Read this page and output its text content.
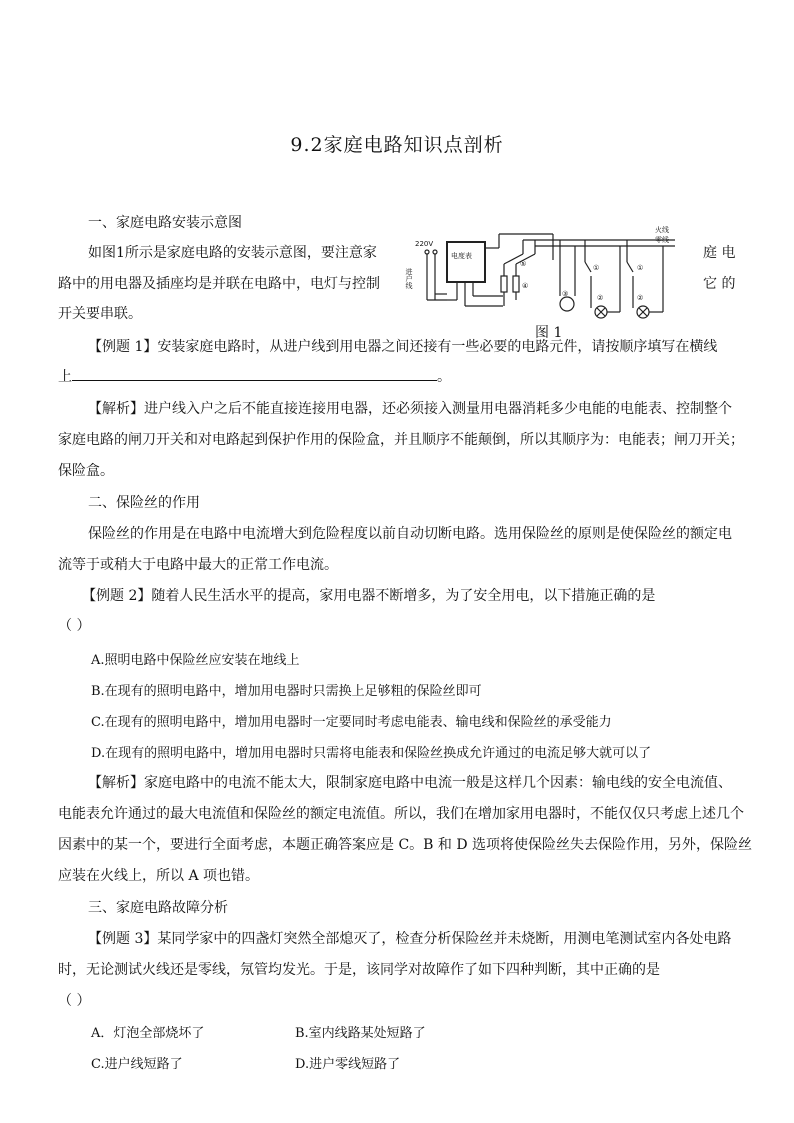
9.2家庭电路知识点剖析
一、家庭电路安装示意图
如图1所示是家庭电路的安装示意图，要注意家	庭 电
路中的用电器及插座均是并联在电路中，电灯与控制	它 的
开关要串联。
220V
电度表
火线
零线
⑤
④
③
①
②	②
①
进户线
图 1
【例题 1】安装家庭电路时，从进户线到用电器之间还接有一些必要的电路元件，请按顺序填写在横线
上	。
【解析】进户线入户之后不能直接连接用电器，还必须接入测量用电器消耗多少电能的电能表、控制整个
家庭电路的闸刀开关和对电路起到保护作用的保险盒，并且顺序不能颠倒，所以其顺序为：电能表；闸刀开关；
保险盒。
二、保险丝的作用
保险丝的作用是在电路中电流增大到危险程度以前自动切断电路。选用保险丝的原则是使保险丝的额定电
流等于或稍大于电路中最大的正常工作电流。
【例题 2】随着人民生活水平的提高，家用电器不断增多，为了安全用电，以下措施正确的是
（ ）
A.照明电路中保险丝应安装在地线上
B.在现有的照明电路中，增加用电器时只需换上足够粗的保险丝即可
C.在现有的照明电路中，增加用电器时一定要同时考虑电能表、输电线和保险丝的承受能力
D.在现有的照明电路中，增加用电器时只需将电能表和保险丝换成允许通过的电流足够大就可以了
【解析】家庭电路中的电流不能太大，限制家庭电路中电流一般是这样几个因素：输电线的安全电流值、
电能表允许通过的最大电流值和保险丝的额定电流值。所以，我们在增加家用电器时，不能仅仅只考虑上述几个
因素中的某一个，要进行全面考虑，本题正确答案应是 C。B 和 D 选项将使保险丝失去保险作用，另外，保险丝
应装在火线上，所以 A 项也错。
三、家庭电路故障分析
【例题 3】某同学家中的四盏灯突然全部熄灭了，检查分析保险丝并未烧断，用测电笔测试室内各处电路
时，无论测试火线还是零线，氖管均发光。于是，该同学对故障作了如下四种判断，其中正确的是
（ ）
A．灯泡全部烧坏了	B.室内线路某处短路了
C.进户线短路了	D.进户零线短路了
